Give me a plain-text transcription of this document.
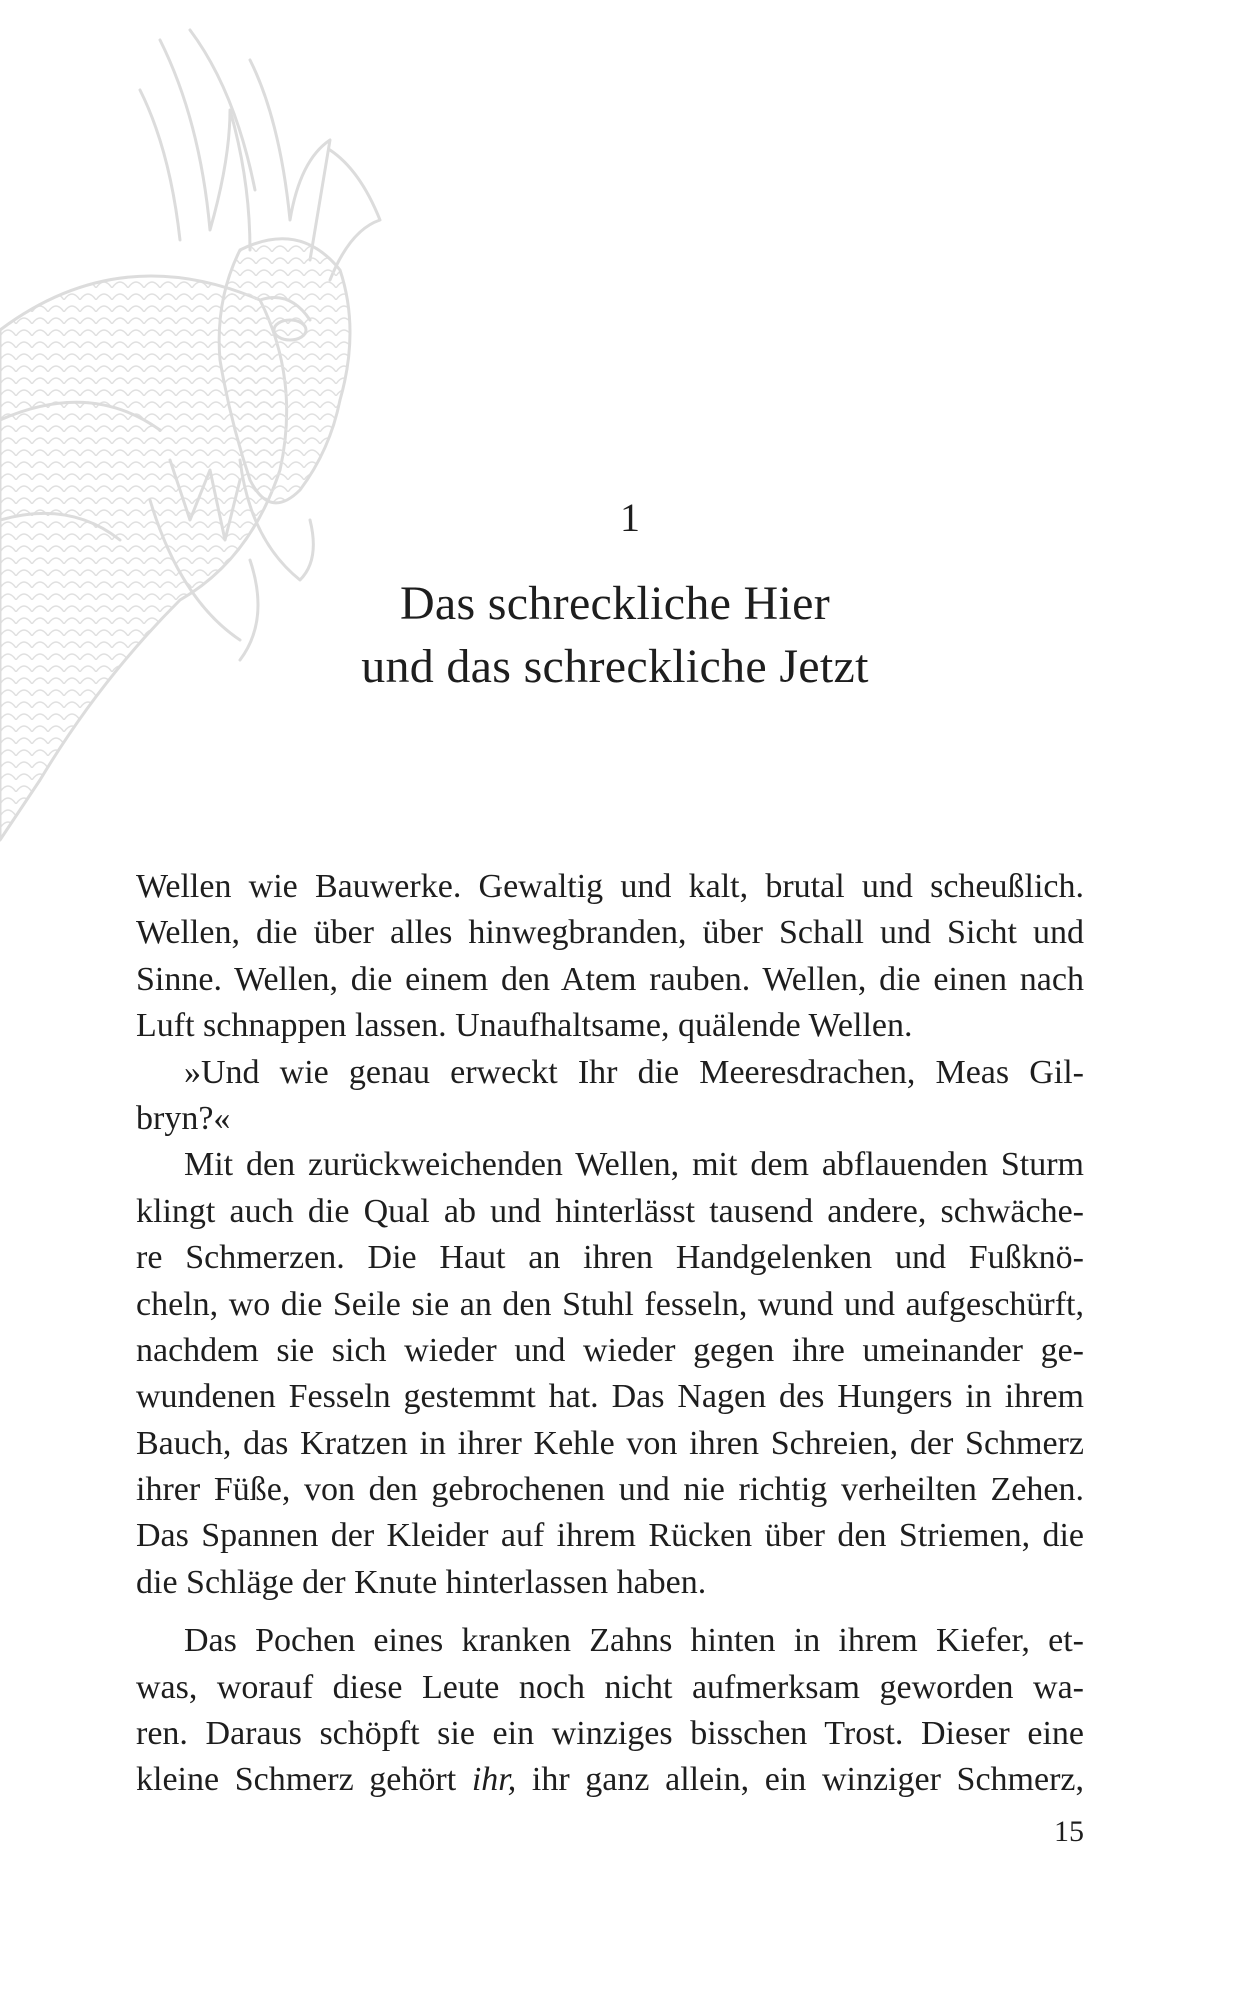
1
Das schreckliche Hier
und das schreckliche Jetzt
Wellen wie Bauwerke. Gewaltig und kalt, brutal und scheußlich.
Wellen, die über alles hinwegbranden, über Schall und Sicht und
Sinne. Wellen, die einem den Atem rauben. Wellen, die einen nach
Luft schnappen lassen. Unaufhaltsame, quälende Wellen.
»Und wie genau erweckt Ihr die Meeresdrachen, Meas Gil-
bryn?«
Mit den zurückweichenden Wellen, mit dem abflauenden Sturm
klingt auch die Qual ab und hinterlässt tausend andere, schwäche-
re Schmerzen. Die Haut an ihren Handgelenken und Fußknö-
cheln, wo die Seile sie an den Stuhl fesseln, wund und aufgeschürft,
nachdem sie sich wieder und wieder gegen ihre umeinander ge-
wundenen Fesseln gestemmt hat. Das Nagen des Hungers in ihrem
Bauch, das Kratzen in ihrer Kehle von ihren Schreien, der Schmerz
ihrer Füße, von den gebrochenen und nie richtig verheilten Zehen.
Das Spannen der Kleider auf ihrem Rücken über den Striemen, die
die Schläge der Knute hinterlassen haben.
Das Pochen eines kranken Zahns hinten in ihrem Kiefer, et-
was, worauf diese Leute noch nicht aufmerksam geworden wa-
ren. Daraus schöpft sie ein winziges bisschen Trost. Dieser eine
kleine Schmerz gehört ihr, ihr ganz allein, ein winziger Schmerz,
15
